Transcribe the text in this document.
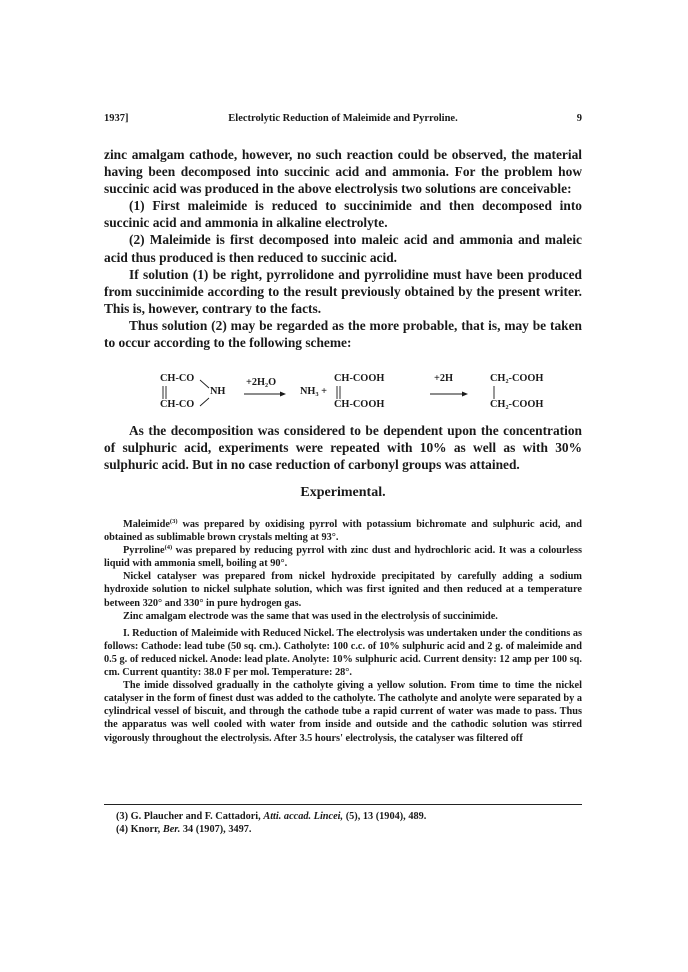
1937]	Electrolytic Reduction of Maleimide and Pyrroline.	9

zinc amalgam cathode, however, no such reaction could be observed, the material having been decomposed into succinic acid and ammonia. For the problem how succinic acid was produced in the above electrolysis two solutions are conceivable:

(1) First maleimide is reduced to succinimide and then decomposed into succinic acid and ammonia in alkaline electrolyte.

(2) Maleimide is first decomposed into maleic acid and ammonia and maleic acid thus produced is then reduced to succinic acid.

If solution (1) be right, pyrrolidone and pyrrolidine must have been produced from succinimide according to the result previously obtained by the present writer. This is, however, contrary to the facts.

Thus solution (2) may be regarded as the more probable, that is, may be taken to occur according to the following scheme:

CH-CO
CH-CO
NH
+2H₂O
NH₃ +
CH-COOH
CH-COOH
+2H	CH₂-COOH
CH₂-COOH
As the decomposition was considered to be dependent upon the concentration of sulphuric acid, experiments were repeated with 10% as well as with 30% sulphuric acid. But in no case reduction of carbonyl groups was attained.
Experimental.

Maleimide$^{(3)}$ was prepared by oxidising pyrrol with potassium bichromate and sulphuric acid, and obtained as sublimable brown crystals melting at 93°.

Pyrroline$^{(4)}$ was prepared by reducing pyrrol with zinc dust and hydrochloric acid. It was a colourless liquid with ammonia smell, boiling at 90°.

Nickel catalyser was prepared from nickel hydroxide precipitated by carefully adding a sodium hydroxide solution to nickel sulphate solution, which was first ignited and then reduced at a temperature between 320° and 330° in pure hydrogen gas.

Zinc amalgam electrode was the same that was used in the electrolysis of succinimide.

I. Reduction of Maleimide with Reduced Nickel. The electrolysis was undertaken under the conditions as follows: Cathode: lead tube (50 sq. cm.). Catholyte: 100 c.c. of 10% sulphuric acid and 2 g. of maleimide and 0.5 g. of reduced nickel. Anode: lead plate. Anolyte: 10% sulphuric acid. Current density: 12 amp per 100 sq. cm. Current quantity: 38.0 F per mol. Temperature: 28°.

The imide dissolved gradually in the catholyte giving a yellow solution. From time to time the nickel catalyser in the form of finest dust was added to the catholyte. The catholyte and anolyte were separated by a cylindrical vessel of biscuit, and through the cathode tube a rapid current of water was made to pass. Thus the apparatus was well cooled with water from inside and outside and the cathodic solution was stirred vigorously throughout the electrolysis. After 3.5 hours' electrolysis, the catalyser was filtered off

(3) G. Plaucher and F. Cattadori, Atti. accad. Lincei, (5), 13 (1904), 489.

(4) Knorr, Ber. 34 (1907), 3497.
